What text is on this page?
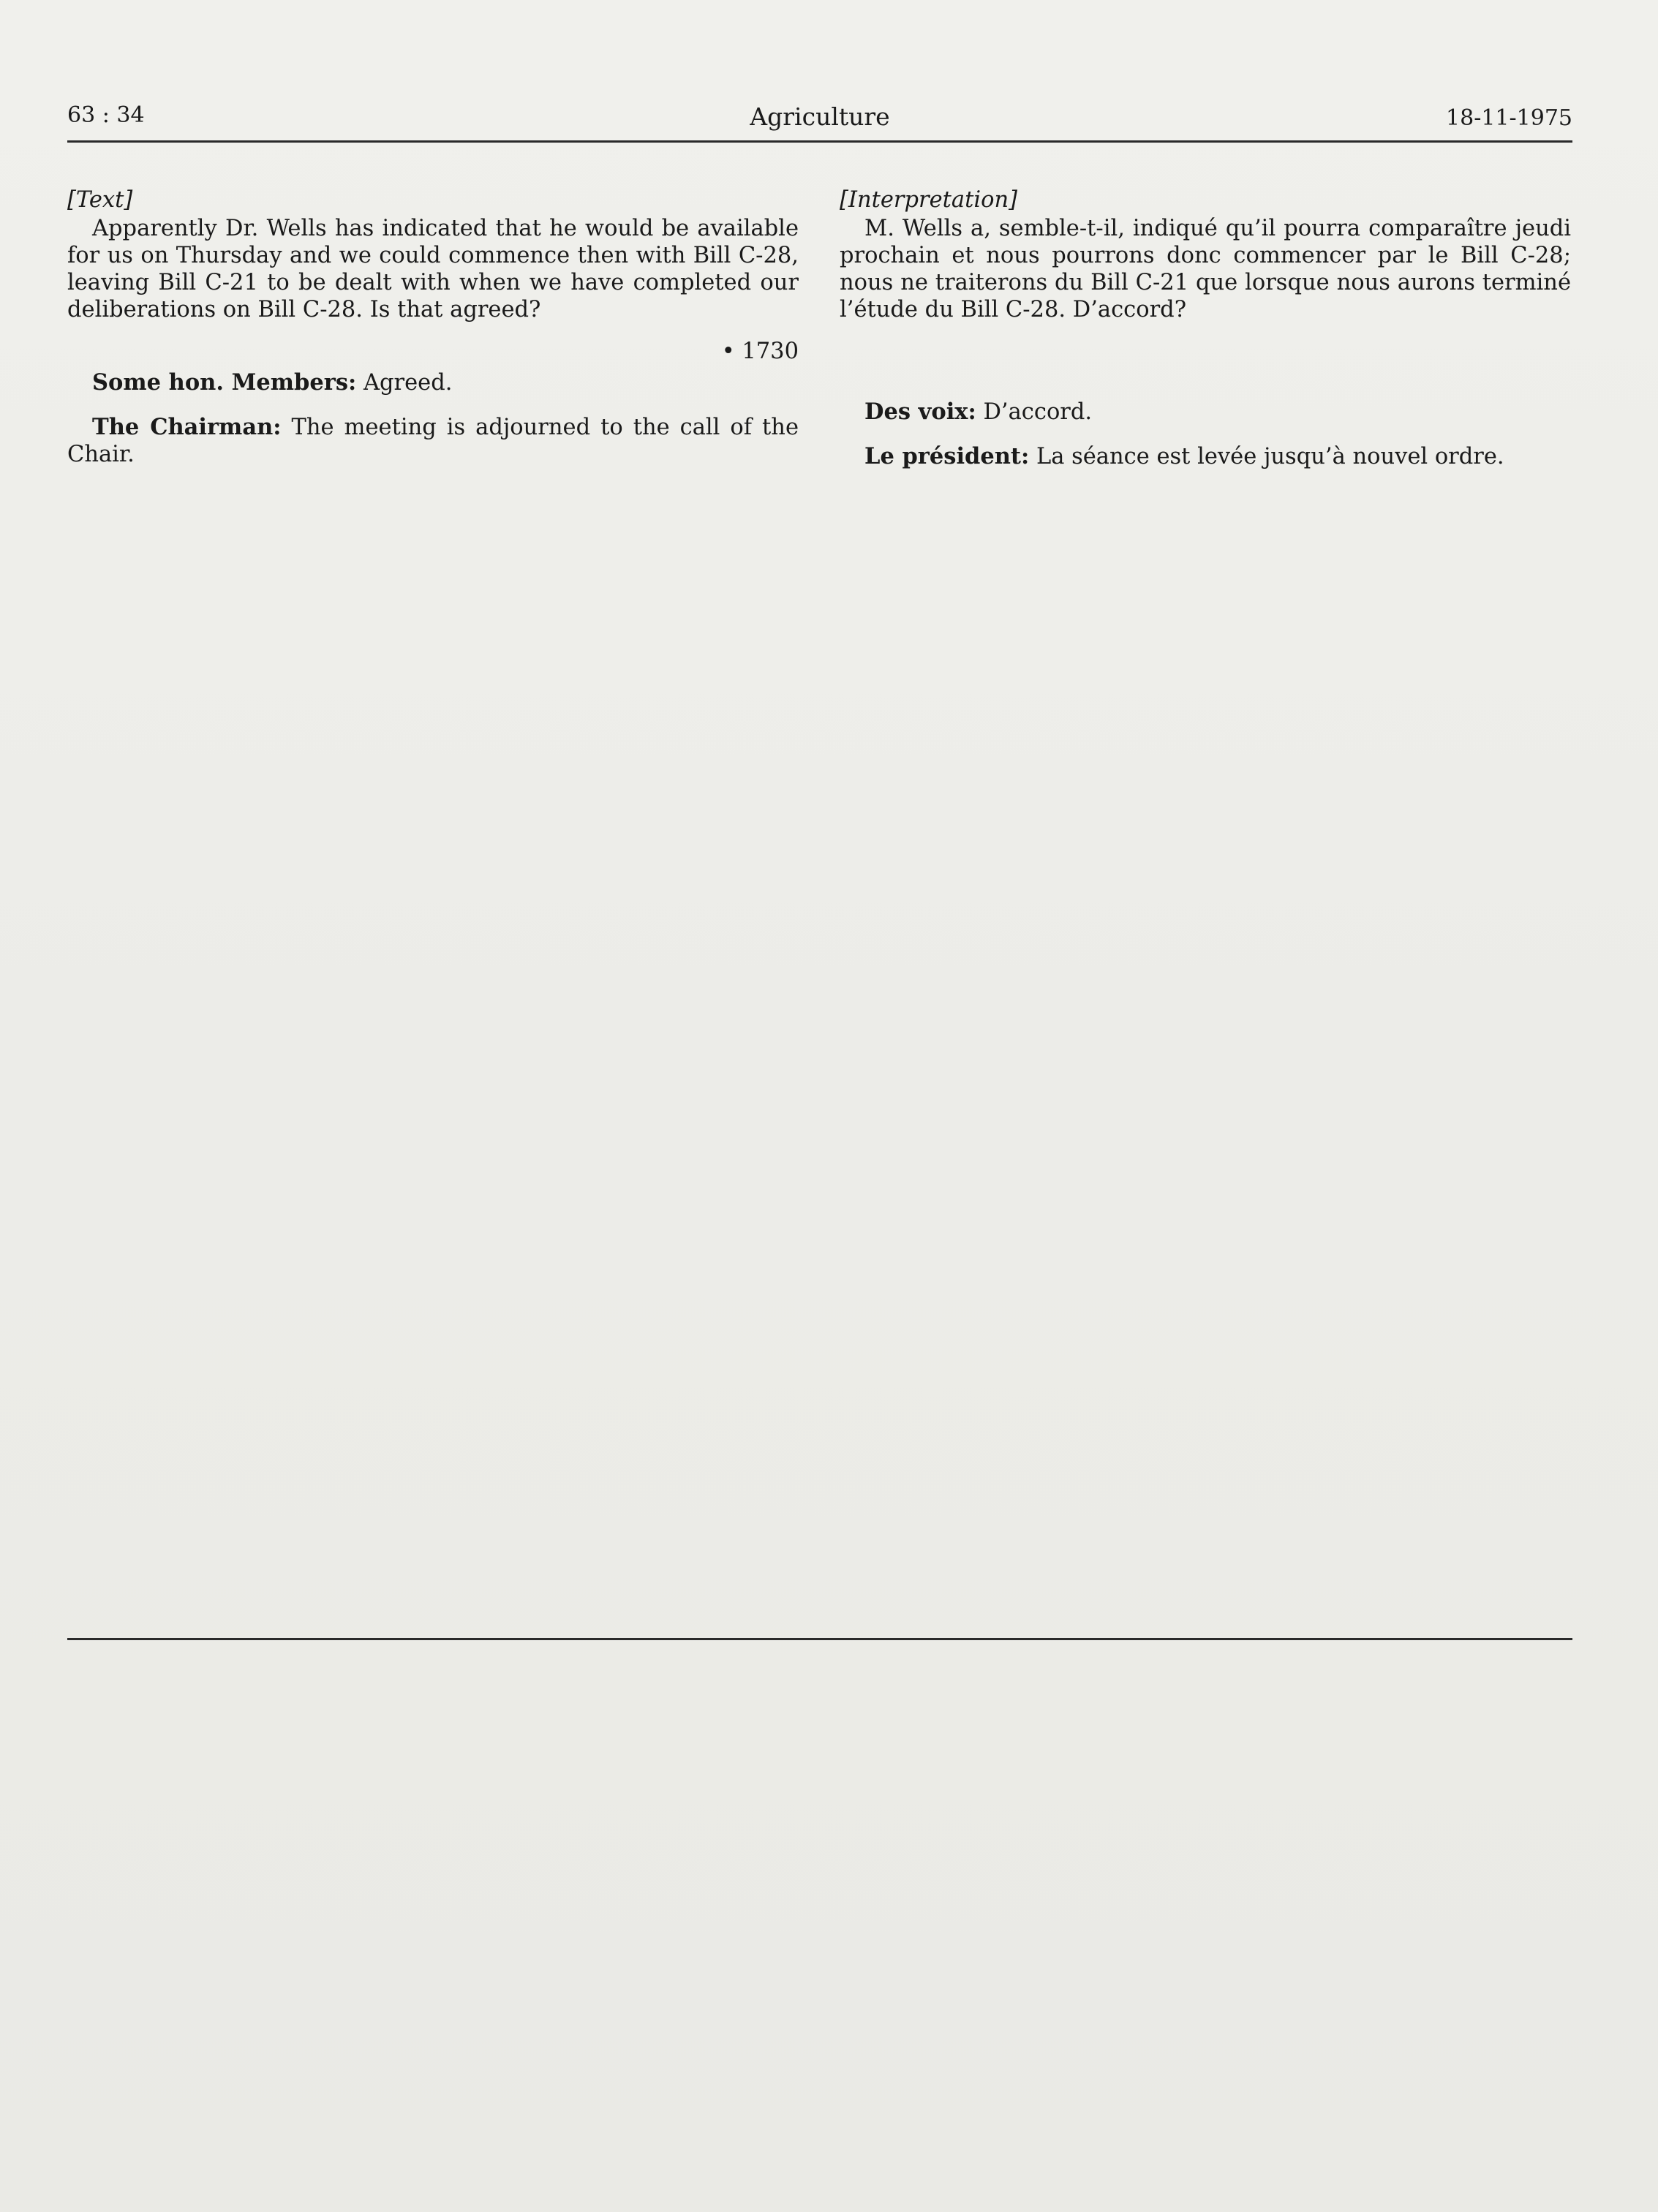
63 : 34	Agriculture	18-11-1975

[Text]

Apparently Dr. Wells has indicated that he would be available for us on Thursday and we could commence then with Bill C-28, leaving Bill C-21 to be dealt with when we have completed our deliberations on Bill C-28. Is that agreed?

• 1730

Some hon. Members: Agreed.

The Chairman: The meeting is adjourned to the call of the Chair.

[Interpretation]

M. Wells a, semble-t-il, indiqué qu’il pourra comparaître jeudi prochain et nous pourrons donc commencer par le Bill C-28; nous ne traiterons du Bill C-21 que lorsque nous aurons terminé l’étude du Bill C-28. D’accord?

Des voix: D’accord.

Le président: La séance est levée jusqu’à nouvel ordre.
